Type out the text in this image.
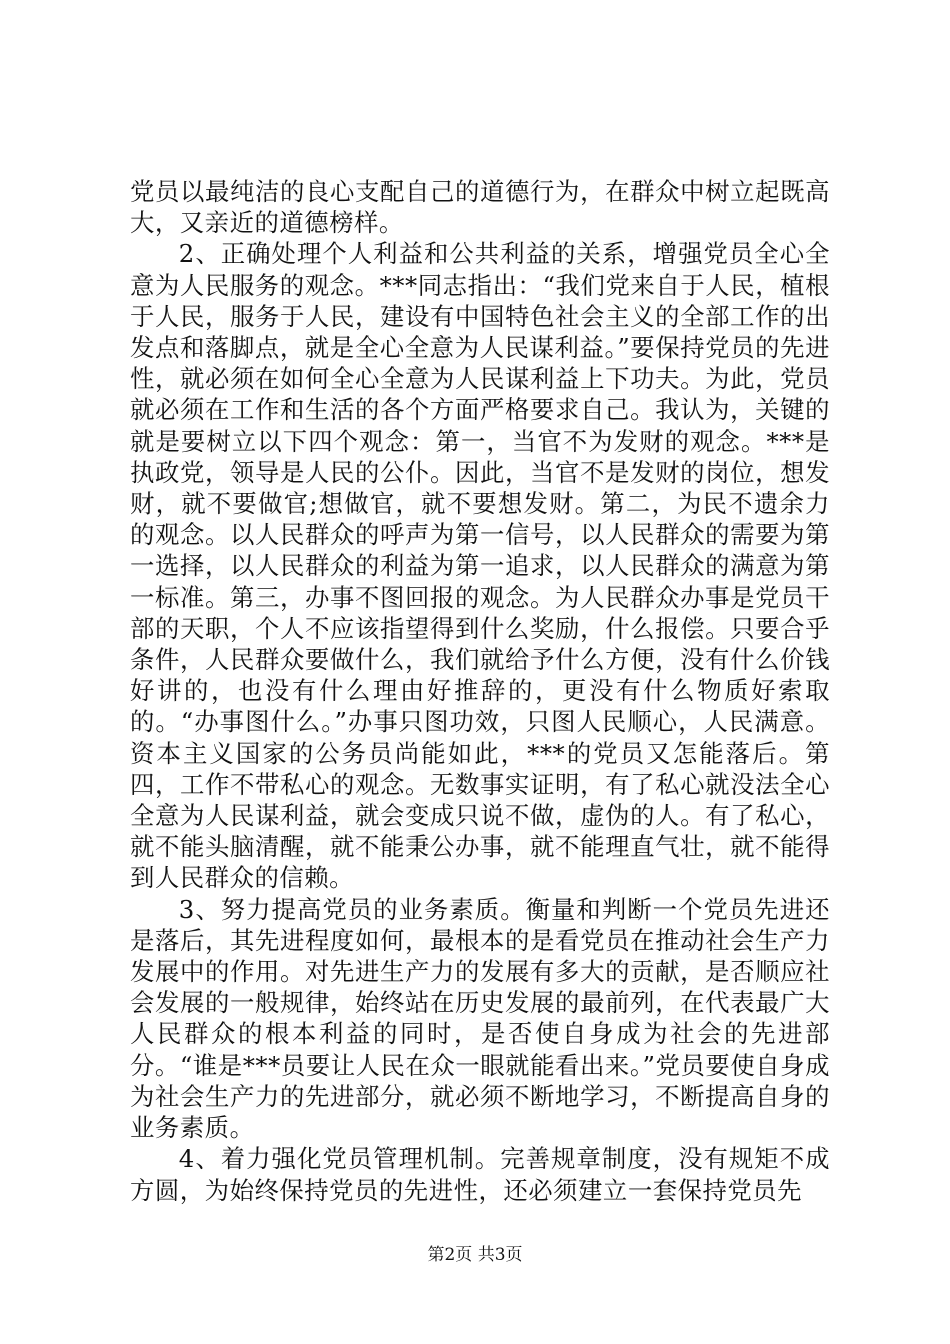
党员以最纯洁的良心支配自己的道德行为，在群众中树立起既高大，又亲近的道德榜样。

2、正确处理个人利益和公共利益的关系，增强党员全心全意为人民服务的观念。***同志指出：“我们党来自于人民，植根于人民，服务于人民，建设有中国特色社会主义的全部工作的出发点和落脚点，就是全心全意为人民谋利益。”要保持党员的先进性，就必须在如何全心全意为人民谋利益上下功夫。为此，党员就必须在工作和生活的各个方面严格要求自己。我认为，关键的就是要树立以下四个观念：第一，当官不为发财的观念。***是执政党，领导是人民的公仆。因此，当官不是发财的岗位，想发财，就不要做官;想做官，就不要想发财。第二，为民不遗余力的观念。以人民群众的呼声为第一信号，以人民群众的需要为第一选择，以人民群众的利益为第一追求，以人民群众的满意为第一标准。第三，办事不图回报的观念。为人民群众办事是党员干部的天职，个人不应该指望得到什么奖励，什么报偿。只要合乎条件，人民群众要做什么，我们就给予什么方便，没有什么价钱好讲的，也没有什么理由好推辞的，更没有什么物质好索取的。“办事图什么。”办事只图功效，只图人民顺心，人民满意。资本主义国家的公务员尚能如此，***的党员又怎能落后。第四，工作不带私心的观念。无数事实证明，有了私心就没法全心全意为人民谋利益，就会变成只说不做，虚伪的人。有了私心，就不能头脑清醒，就不能秉公办事，就不能理直气壮，就不能得到人民群众的信赖。

3、努力提高党员的业务素质。衡量和判断一个党员先进还是落后，其先进程度如何，最根本的是看党员在推动社会生产力发展中的作用。对先进生产力的发展有多大的贡献，是否顺应社会发展的一般规律，始终站在历史发展的最前列，在代表最广大人民群众的根本利益的同时，是否使自身成为社会的先进部分。“谁是***员要让人民在众一眼就能看出来。”党员要使自身成为社会生产力的先进部分，就必须不断地学习，不断提高自身的业务素质。

4、着力强化党员管理机制。完善规章制度，没有规矩不成方圆，为始终保持党员的先进性，还必须建立一套保持党员先

第2页 共3页
